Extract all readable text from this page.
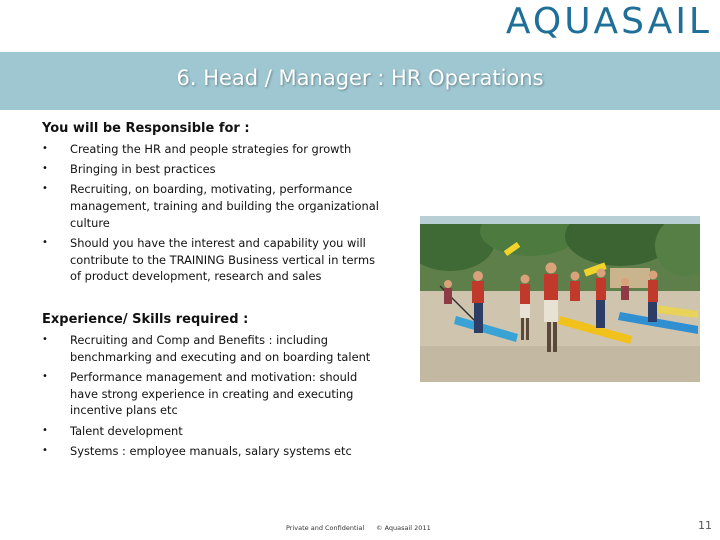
AQUASAIL
6. Head / Manager : HR Operations
You will be Responsible for :
• Creating the HR and people strategies for growth
• Bringing in best practices
• Recruiting, on boarding, motivating, performance management, training and building the organizational culture
• Should you have the interest and capability you will contribute to the TRAINING Business vertical in terms of product development, research and sales
Experience/ Skills required :
• Recruiting and Comp and Benefits : including benchmarking and executing and on boarding talent
• Performance management and motivation: should have strong experience in creating and executing incentive plans etc
• Talent development
• Systems : employee manuals, salary systems etc
Private and Confidential © Aquasail 2011	11
